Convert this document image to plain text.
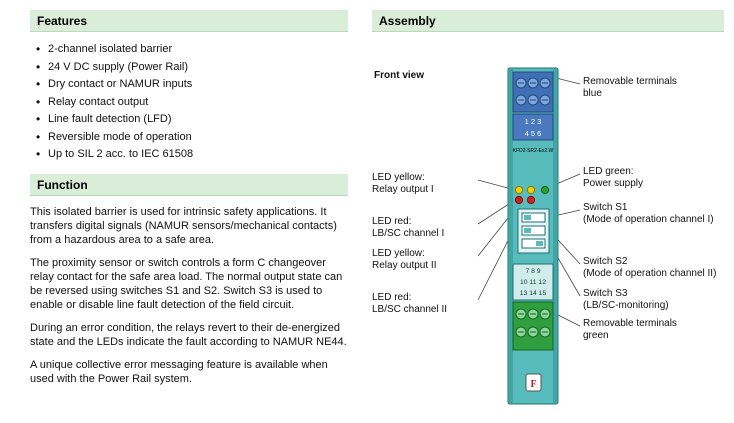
Features
• 2-channel isolated barrier
• 24 V DC supply (Power Rail)
• Dry contact or NAMUR inputs
• Relay contact output
• Line fault detection (LFD)
• Reversible mode of operation
• Up to SIL 2 acc. to IEC 61508
Function

This isolated barrier is used for intrinsic safety applications. It transfers digital signals (NAMUR sensors/mechanical contacts) from a hazardous area to a safe area.

The proximity sensor or switch controls a form C changeover relay contact for the safe area load. The normal output state can be reversed using switches S1 and S2. Switch S3 is used to enable or disable line fault detection of the field circuit.

During an error condition, the relays revert to their de-energized state and the LEDs indicate the fault according to NAMUR NE44.

A unique collective error messaging feature is available when used with the Power Rail system.

Assembly
Front view
1 2 3
4 5 6
KFD2-SR2-Ex2.W
7 8 9
10 11 12
13 14 15
F
Removable terminals
blue
LED green:
Power supply
Switch S1
(Mode of operation channel I)
Switch S2
(Mode of operation channel II)
Switch S3
(LB/SC-monitoring)
Removable terminals
green
LED yellow:
Relay output I
LED red:
LB/SC channel I
LED yellow:
Relay output II
LED red:
LB/SC channel II
